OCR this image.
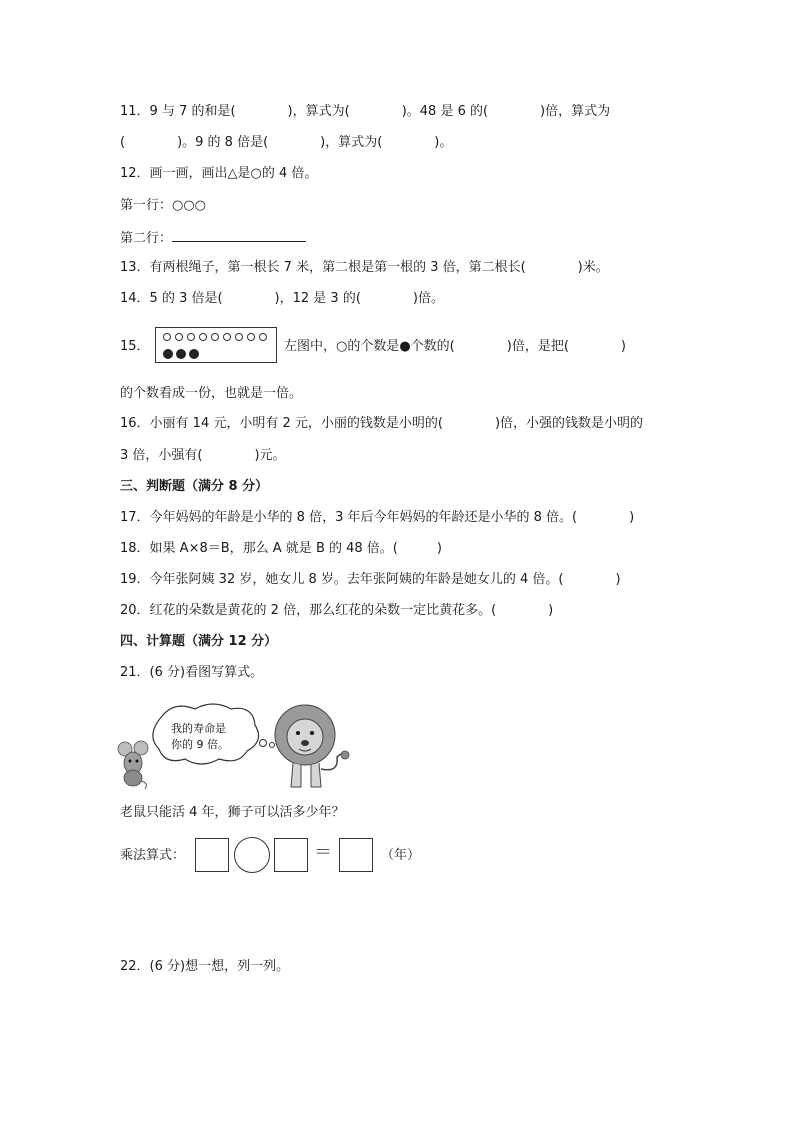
11．9 与 7 的和是(　　　　)，算式为(　　　　)。48 是 6 的(　　　　)倍，算式为
(　　　　)。9 的 8 倍是(　　　　)，算式为(　　　　)。
12．画一画，画出△是○的 4 倍。
第一行：○○○
第二行：
13．有两根绳子，第一根长 7 米，第二根是第一根的 3 倍，第二根长(　　　　)米。
14．5 的 3 倍是(　　　　)，12 是 3 的(　　　　)倍。
15．	左图中，○的个数是●个数的(　　　　)倍，是把(　　　　)
的个数看成一份，也就是一倍。
16．小丽有 14 元，小明有 2 元，小丽的钱数是小明的(　　　　)倍，小强的钱数是小明的
3 倍，小强有(　　　　)元。
三、判断题（满分 8 分）
17．今年妈妈的年龄是小华的 8 倍，3 年后今年妈妈的年龄还是小华的 8 倍。(　　　　)
18．如果 A×8＝B，那么 A 就是 B 的 48 倍。(　　　)
19．今年张阿姨 32 岁，她女儿 8 岁。去年张阿姨的年龄是她女儿的 4 倍。(　　　　)
20．红花的朵数是黄花的 2 倍，那么红花的朵数一定比黄花多。(　　　　)
四、计算题（满分 12 分）
21．(6 分)看图写算式。
我的寿命是
你的 9 倍。
老鼠只能活 4 年，狮子可以活多少年？
乘法算式：	＝	（年）
22．(6 分)想一想，列一列。
